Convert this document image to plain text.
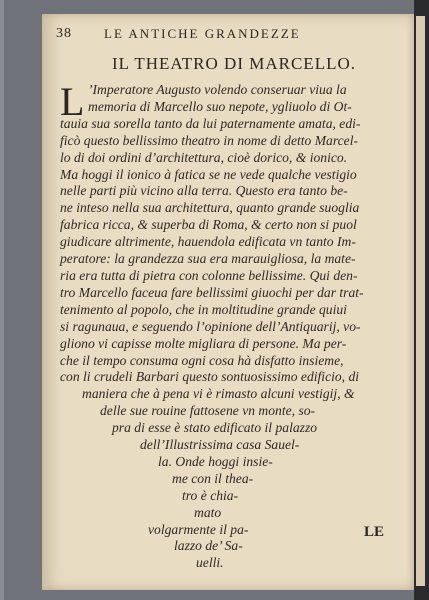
38 LE ANTICHE GRANDEZZE
IL THEATRO DI MARCELLO.
L ’Imperatore Augusto volendo conseruar viua la
memoria di Marcello suo nepote, ygliuolo di Ot-
tauia sua sorella tanto da lui paternamente amata, edi-
ficò questo bellissimo theatro in nome di detto Marcel-
lo di doi ordini d’architettura, cioè dorico, & ionico.
Ma hoggi il ionico à fatica se ne vede qualche vestigio
nelle parti più vicino alla terra. Questo era tanto be-
ne inteso nella sua architettura, quanto grande suoglia
fabrica ricca, & superba di Roma, & certo non si puol
giudicare altrimente, hauendola edificata vn tanto Im-
peratore: la grandezza sua era marauigliosa, la mate-
ria era tutta di pietra con colonne bellissime. Qui den-
tro Marcello faceua fare bellissimi giuochi per dar trat-
tenimento al popolo, che in moltitudine grande quiui
si ragunaua, e seguendo l’opinione dell’Antiquarij, vo-
gliono vi capisse molte migliara di persone. Ma per-
che il tempo consuma ogni cosa hà disfatto insieme,
con li crudeli Barbari questo sontuosissimo edificio, di
maniera che à pena vi è rimasto alcuni vestigij, &
delle sue rouine fattosene vn monte, so-
pra di esse è stato edificato il palazzo
dell’Illustrissima casa Sauel-
la. Onde hoggi insie-
me con il thea-
tro è chia-
mato
volgarmente il pa-
lazzo de’ Sa-
uelli.
LE
